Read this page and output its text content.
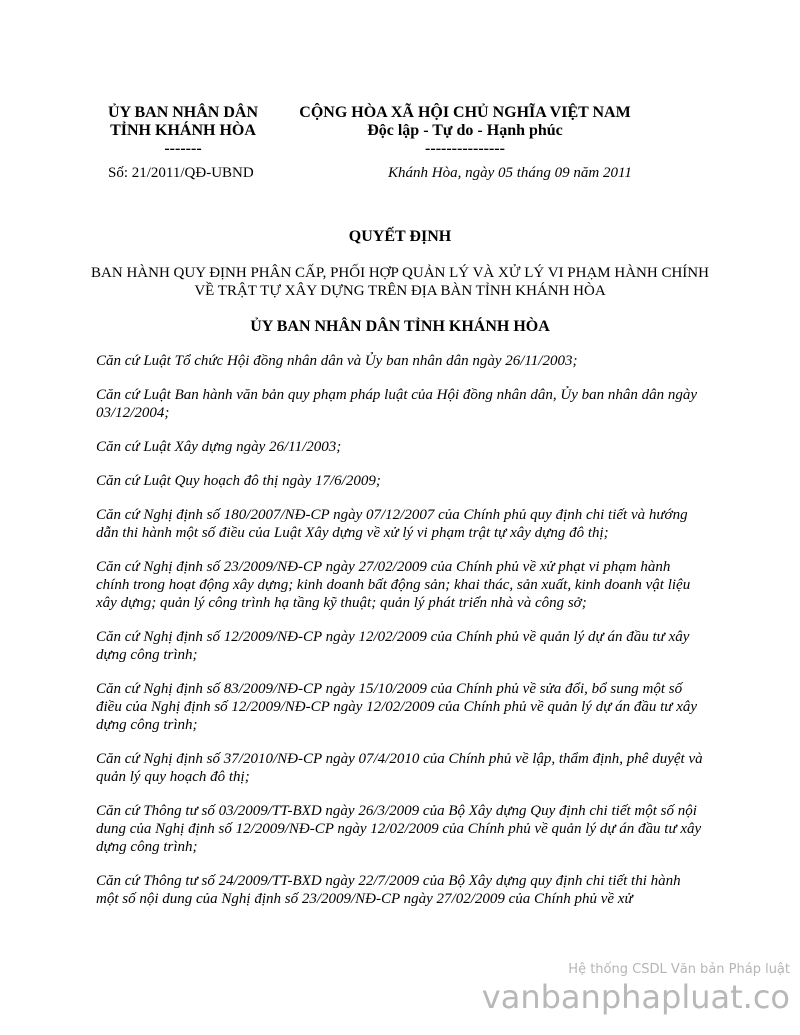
ỦY BAN NHÂN DÂN
TỈNH KHÁNH HÒA
-------
CỘNG HÒA XÃ HỘI CHỦ NGHĨA VIỆT NAM
Độc lập - Tự do - Hạnh phúc
---------------
Số: 21/2011/QĐ-UBND	Khánh Hòa, ngày 05 tháng 09 năm 2011
QUYẾT ĐỊNH
BAN HÀNH QUY ĐỊNH PHÂN CẤP, PHỐI HỢP QUẢN LÝ VÀ XỬ LÝ VI PHẠM HÀNH CHÍNH VỀ TRẬT TỰ XÂY DỰNG TRÊN ĐỊA BÀN TỈNH KHÁNH HÒA
ỦY BAN NHÂN DÂN TỈNH KHÁNH HÒA

Căn cứ Luật Tổ chức Hội đồng nhân dân và Ủy ban nhân dân ngày 26/11/2003;

Căn cứ Luật Ban hành văn bản quy phạm pháp luật của Hội đồng nhân dân, Ủy ban nhân dân ngày 03/12/2004;

Căn cứ Luật Xây dựng ngày 26/11/2003;

Căn cứ Luật Quy hoạch đô thị ngày 17/6/2009;

Căn cứ Nghị định số 180/2007/NĐ-CP ngày 07/12/2007 của Chính phủ quy định chi tiết và hướng dẫn thi hành một số điều của Luật Xây dựng về xử lý vi phạm trật tự xây dựng đô thị;

Căn cứ Nghị định số 23/2009/NĐ-CP ngày 27/02/2009 của Chính phủ về xử phạt vi phạm hành chính trong hoạt động xây dựng; kinh doanh bất động sản; khai thác, sản xuất, kinh doanh vật liệu xây dựng; quản lý công trình hạ tầng kỹ thuật; quản lý phát triển nhà và công sở;

Căn cứ Nghị định số 12/2009/NĐ-CP ngày 12/02/2009 của Chính phủ về quản lý dự án đầu tư xây dựng công trình;

Căn cứ Nghị định số 83/2009/NĐ-CP ngày 15/10/2009 của Chính phủ về sửa đổi, bổ sung một số điều của Nghị định số 12/2009/NĐ-CP ngày 12/02/2009 của Chính phủ về quản lý dự án đầu tư xây dựng công trình;

Căn cứ Nghị định số 37/2010/NĐ-CP ngày 07/4/2010 của Chính phủ về lập, thẩm định, phê duyệt và quản lý quy hoạch đô thị;

Căn cứ Thông tư số 03/2009/TT-BXD ngày 26/3/2009 của Bộ Xây dựng Quy định chi tiết một số nội dung của Nghị định số 12/2009/NĐ-CP ngày 12/02/2009 của Chính phủ về quản lý dự án đầu tư xây dựng công trình;

Căn cứ Thông tư số 24/2009/TT-BXD ngày 22/7/2009 của Bộ Xây dựng quy định chi tiết thi hành một số nội dung của Nghị định số 23/2009/NĐ-CP ngày 27/02/2009 của Chính phủ về xử

Hệ thống CSDL Văn bản Pháp luật
vanbanphapluat.co
